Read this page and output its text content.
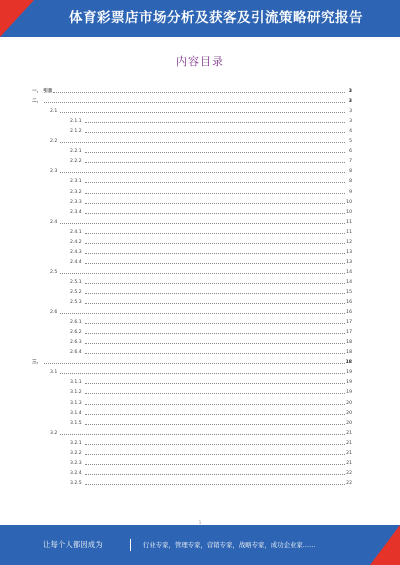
体育彩票店市场分析及获客及引流策略研究报告
内容目录
一、 引言	3
二、	3
2.1	3
2.1.1	3
2.1.2	4
2.2	5
2.2.1	6
2.2.2	7
2.3	8
2.3.1	8
2.3.2	9
2.3.3	10
2.3.4	10
2.4	11
2.4.1	11
2.4.2	12
2.4.3	13
2.4.4	13
2.5	14
2.5.1	14
2.5.2	15
2.5.3	16
2.6	16
2.6.1	17
2.6.2	17
2.6.3	18
2.6.4	18
三、	18
3.1	19
3.1.1	19
3.1.2	19
3.1.3	20
3.1.4	20
3.1.5	20
3.2	21
3.2.1	21
3.2.2	21
3.2.3	21
3.2.4	22
3.2.5	22
1
让每个人都因成为	行业专家，管理专家，营销专家，战略专家，成功企业家……
